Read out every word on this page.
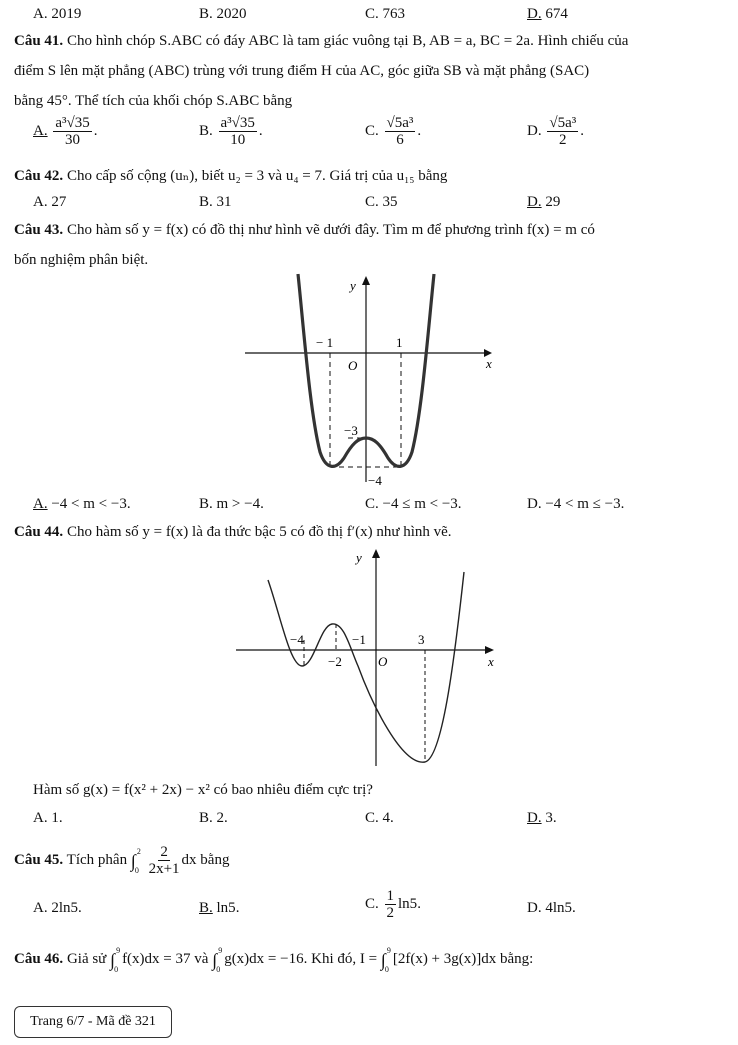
A. 2019	B. 2020	C. 763	D. 674
Câu 41. Cho hình chóp S.ABC có đáy ABC là tam giác vuông tại B, AB = a, BC = 2a. Hình chiếu của
điểm S lên mặt phẳng (ABC) trùng với trung điểm H của AC, góc giữa SB và mặt phẳng (SAC)
bằng 45°. Thể tích của khối chóp S.ABC bằng
A. $\frac{\text{a³√35}}{30}$ .	B. $\frac{\text{a³√35}}{10}$ .	C. $\frac{\text{√5a³}}{6}$ .	D. $\frac{\text{√5a³}}{2}$ .
Câu 42. Cho cấp số cộng (uₙ), biết u₂ = 3 và u₄ = 7. Giá trị của u₁₅ bằng
A. 27	B. 31	C. 35	D. 29
Câu 43. Cho hàm số y = f(x) có đồ thị như hình vẽ dưới đây. Tìm m để phương trình f(x) = m có
bốn nghiệm phân biệt.
y
x
O
− 1	1
−3
−4
A. −4 < m < −3.	B. m > −4.	C. −4 ≤ m < −3.	D. −4 < m ≤ −3.
Câu 44. Cho hàm số y = f(x) là đa thức bậc 5 có đồ thị f′(x) như hình vẽ.
y
x
O
−4
−2
−1	3
Hàm số g(x) = f(x² + 2x) − x² có bao nhiêu điểm cực trị?
A. 1.	B. 2.	C. 4.	D. 3.
Câu 45. Tích phân ∫ 2
0
$\frac{2}{2x+1}$ dx bằng
A. 2ln5.	B. ln5.	C. $\frac{1}{2} \ln 5$.	D. 4ln5.
Câu 46. Giả sử ∫ 9
0
f(x)dx = 37 và ∫ 9
0
g(x)dx = −16. Khi đó, I = ∫ 9
0
[2f(x) + 3g(x)]dx bằng:
Trang 6/7 - Mã đề 321
